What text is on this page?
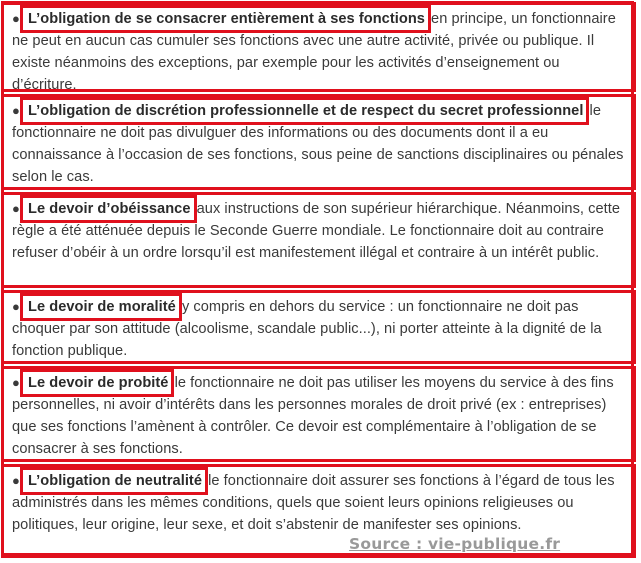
● L’obligation de se consacrer entièrement à ses fonctions en principe, un fonctionnaire ne peut en aucun cas cumuler ses fonctions avec une autre activité, privée ou publique. Il existe néanmoins des exceptions, par exemple pour les activités d’enseignement ou d’écriture.
● L’obligation de discrétion professionnelle et de respect du secret professionnel le fonctionnaire ne doit pas divulguer des informations ou des documents dont il a eu connaissance à l’occasion de ses fonctions, sous peine de sanctions disciplinaires ou pénales selon le cas.
● Le devoir d’obéissance aux instructions de son supérieur hiérarchique. Néanmoins, cette règle a été atténuée depuis le Seconde Guerre mondiale. Le fonctionnaire doit au contraire refuser d’obéir à un ordre lorsqu’il est manifestement illégal et contraire à un intérêt public.
● Le devoir de moralité y compris en dehors du service : un fonctionnaire ne doit pas choquer par son attitude (alcoolisme, scandale public...), ni porter atteinte à la dignité de la fonction publique.
● Le devoir de probité le fonctionnaire ne doit pas utiliser les moyens du service à des fins personnelles, ni avoir d’intérêts dans les personnes morales de droit privé (ex : entreprises) que ses fonctions l’amènent à contrôler. Ce devoir est complémentaire à l’obligation de se consacrer à ses fonctions.
● L’obligation de neutralité le fonctionnaire doit assurer ses fonctions à l’égard de tous les administrés dans les mêmes conditions, quels que soient leurs opinions religieuses ou politiques, leur origine, leur sexe, et doit s’abstenir de manifester ses opinions.
Source : vie-publique.fr
